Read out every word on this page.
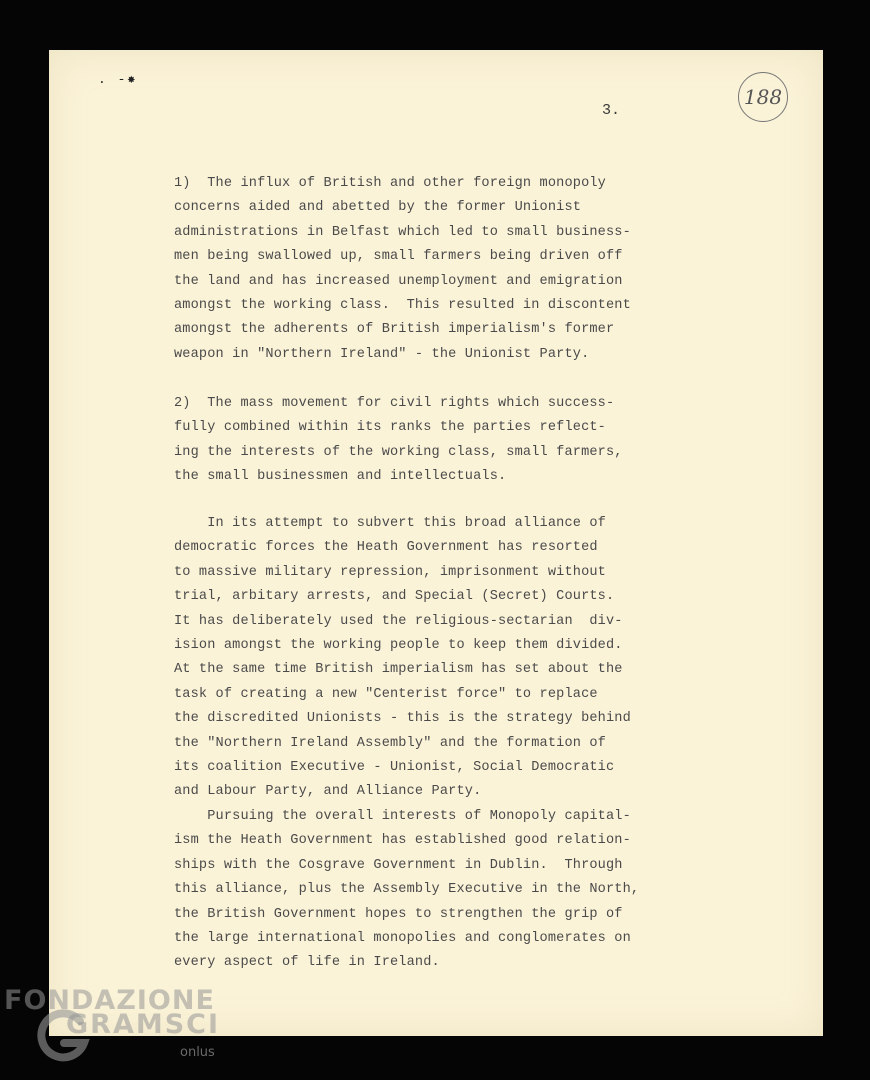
. -✸
3.
188

1)  The influx of British and other foreign monopoly
concerns aided and abetted by the former Unionist
administrations in Belfast which led to small business-
men being swallowed up, small farmers being driven off
the land and has increased unemployment and emigration
amongst the working class.  This resulted in discontent
amongst the adherents of British imperialism's former
weapon in "Northern Ireland" - the Unionist Party.

2)  The mass movement for civil rights which success-
fully combined within its ranks the parties reflect-
ing the interests of the working class, small farmers,
the small businessmen and intellectuals.

In its attempt to subvert this broad alliance of
democratic forces the Heath Government has resorted
to massive military repression, imprisonment without
trial, arbitary arrests, and Special (Secret) Courts.
It has deliberately used the religious-sectarian  div-
ision amongst the working people to keep them divided.
At the same time British imperialism has set about the
task of creating a new "Centerist force" to replace
the discredited Unionists - this is the strategy behind
the "Northern Ireland Assembly" and the formation of
its coalition Executive - Unionist, Social Democratic
and Labour Party, and Alliance Party.

Pursuing the overall interests of Monopoly capital-
ism the Heath Government has established good relation-
ships with the Cosgrave Government in Dublin.  Through
this alliance, plus the Assembly Executive in the North,
the British Government hopes to strengthen the grip of
the large international monopolies and conglomerates on
every aspect of life in Ireland.

FONDAZIONE
GRAMSCI
onlus
